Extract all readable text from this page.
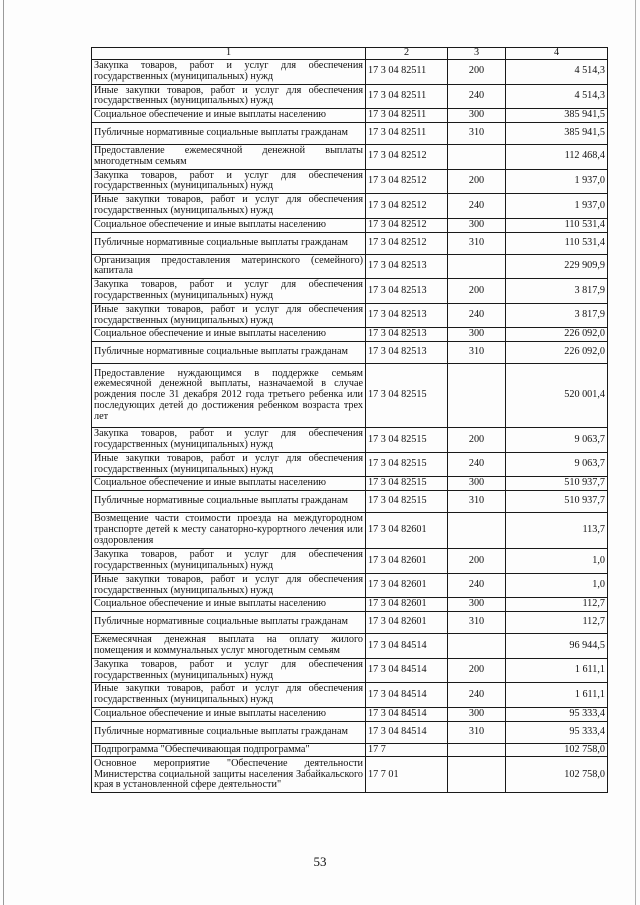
1	2	3	4
Закупка товаров, работ и услуг для обеспечения государственных (муниципальных) нужд	17 3 04 82511	200	4 514,3
Иные закупки товаров, работ и услуг для обеспечения государственных (муниципальных) нужд	17 3 04 82511	240	4 514,3
Социальное обеспечение и иные выплаты населению	17 3 04 82511	300	385 941,5
Публичные нормативные социальные выплаты гражданам	17 3 04 82511	310	385 941,5
Предоставление ежемесячной денежной выплаты многодетным семьям	17 3 04 82512		112 468,4
Закупка товаров, работ и услуг для обеспечения государственных (муниципальных) нужд	17 3 04 82512	200	1 937,0
Иные закупки товаров, работ и услуг для обеспечения государственных (муниципальных) нужд	17 3 04 82512	240	1 937,0
Социальное обеспечение и иные выплаты населению	17 3 04 82512	300	110 531,4
Публичные нормативные социальные выплаты гражданам	17 3 04 82512	310	110 531,4
Организация предоставления материнского (семейного) капитала	17 3 04 82513		229 909,9
Закупка товаров, работ и услуг для обеспечения государственных (муниципальных) нужд	17 3 04 82513	200	3 817,9
Иные закупки товаров, работ и услуг для обеспечения государственных (муниципальных) нужд	17 3 04 82513	240	3 817,9
Социальное обеспечение и иные выплаты населению	17 3 04 82513	300	226 092,0
Публичные нормативные социальные выплаты гражданам	17 3 04 82513	310	226 092,0
Предоставление нуждающимся в поддержке семьям ежемесячной денежной выплаты, назначаемой в случае рождения после 31 декабря 2012 года третьего ребенка или последующих детей до достижения ребенком возраста трех лет	17 3 04 82515		520 001,4
Закупка товаров, работ и услуг для обеспечения государственных (муниципальных) нужд	17 3 04 82515	200	9 063,7
Иные закупки товаров, работ и услуг для обеспечения государственных (муниципальных) нужд	17 3 04 82515	240	9 063,7
Социальное обеспечение и иные выплаты населению	17 3 04 82515	300	510 937,7
Публичные нормативные социальные выплаты гражданам	17 3 04 82515	310	510 937,7
Возмещение части стоимости проезда на междугородном транспорте детей к месту санаторно-курортного лечения или оздоровления	17 3 04 82601		113,7
Закупка товаров, работ и услуг для обеспечения государственных (муниципальных) нужд	17 3 04 82601	200	1,0
Иные закупки товаров, работ и услуг для обеспечения государственных (муниципальных) нужд	17 3 04 82601	240	1,0
Социальное обеспечение и иные выплаты населению	17 3 04 82601	300	112,7
Публичные нормативные социальные выплаты гражданам	17 3 04 82601	310	112,7
Ежемесячная денежная выплата на оплату жилого помещения и коммунальных услуг многодетным семьям	17 3 04 84514		96 944,5
Закупка товаров, работ и услуг для обеспечения государственных (муниципальных) нужд	17 3 04 84514	200	1 611,1
Иные закупки товаров, работ и услуг для обеспечения государственных (муниципальных) нужд	17 3 04 84514	240	1 611,1
Социальное обеспечение и иные выплаты населению	17 3 04 84514	300	95 333,4
Публичные нормативные социальные выплаты гражданам	17 3 04 84514	310	95 333,4
Подпрограмма "Обеспечивающая подпрограмма"	17 7		102 758,0
Основное мероприятие "Обеспечение деятельности Министерства социальной защиты населения Забайкальского края в установленной сфере деятельности"	17 7 01		102 758,0
53
